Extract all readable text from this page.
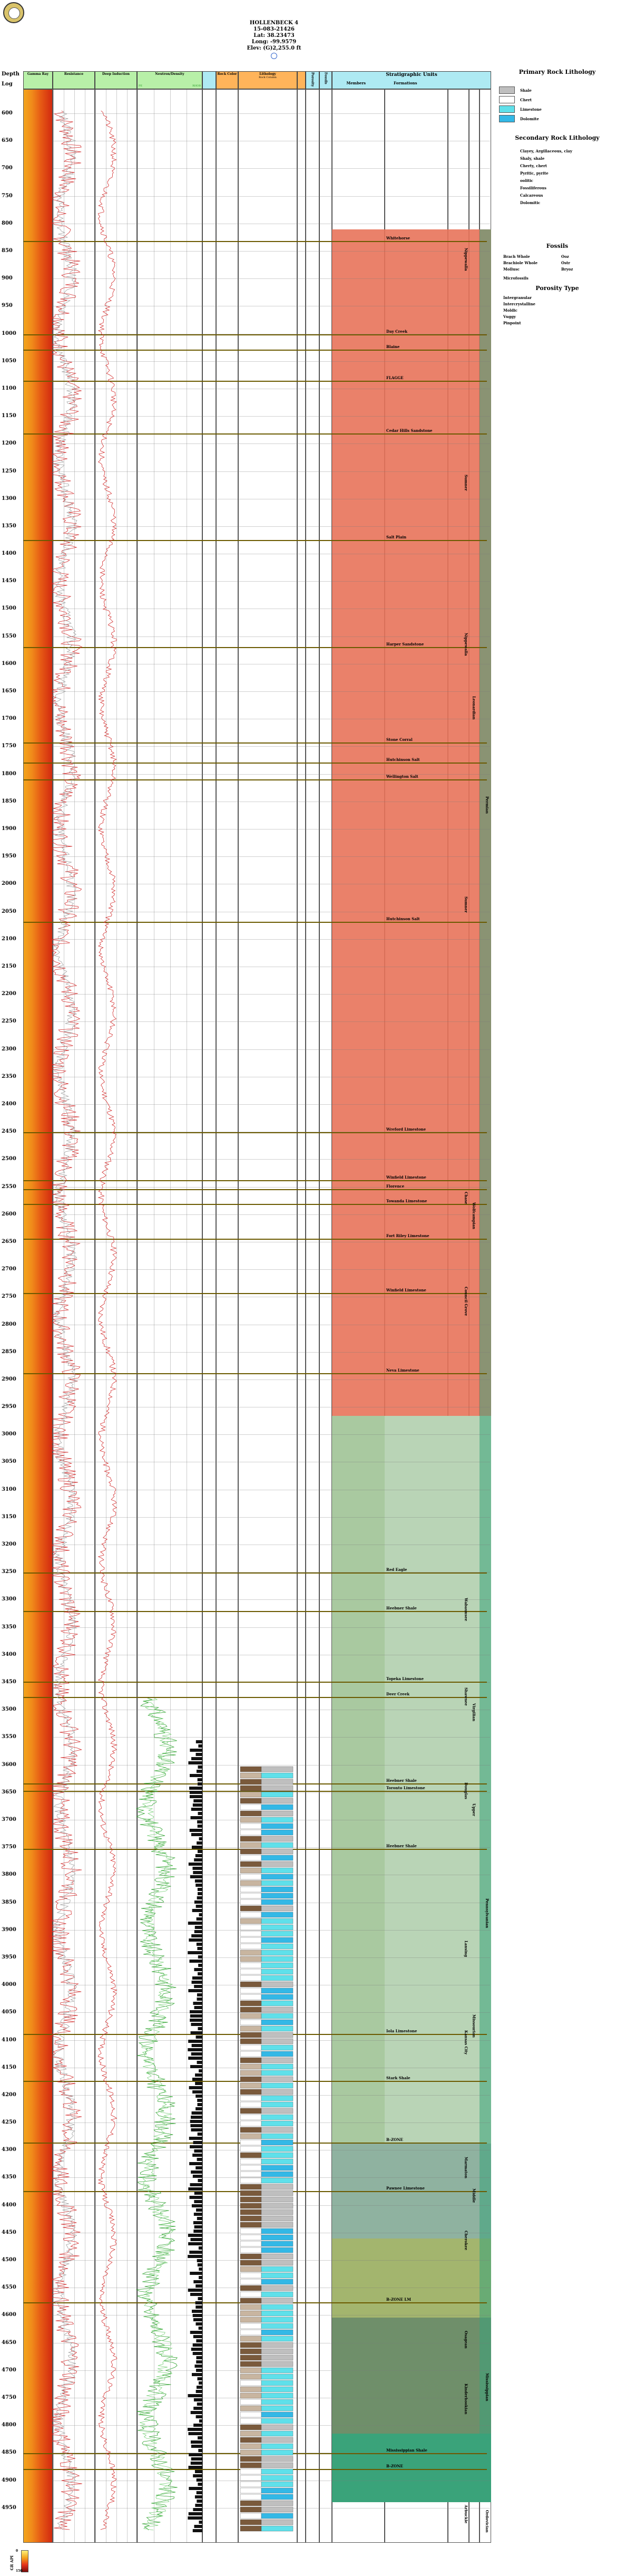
HOLLENBECK 4
15-083-21426
Lat: 38.23473
Long: -99.9579
Elev: (G)2,255.0 ft
Depth
Log
Gamma Ray	Resistance	Deep Induction	Neutron/Density
PE	RHOB
Rock Color	Lithology
Rock Column	Porosity	Fossils	Stratigraphic Units
Members	Formations
600
650
700
750
800
850
900
950
1000
1050
1100
1150
1200
1250
1300
1350
1400
1450
1500
1550
1600
1650
1700
1750
1800
1850
1900
1950
2000
2050
2100
2150
2200
2250
2300
2350
2400
2450
2500
2550
2600
2650
2700
2750
2800
2850
2900
2950
3000
3050
3100
3150
3200
3250
3300
3350
3400
3450
3500
3550
3600
3650
3700
3750
3800
3850
3900
3950
4000
4050
4100
4150
4200
4250
4300
4350
4400
4450
4500
4550
4600
4650
4700
4750
4800
4850
4900
4950
Whitehorse
Day Creek
Blaine
FLAGGE
Cedar Hills Sandstone
Salt Plain
Harper Sandstone
Stone Corral
Hutchinson Salt
Wellington Salt
Hutchinson Salt
Wreford Limestone
Winfield Limestone
Florence
Towanda Limestone
Fort Riley Limestone
Winfield Limestone
Neva Limestone
Red Eagle
Heebner Shale
Topeka Limestone
Deer Creek
Heebner Shale
Toronto Limestone
Heebner Shale
Iola Limestone
Stark Shale
B-ZONE
Pawnee Limestone
B-ZONE LM
Mississippian Shale
B-ZONE
Nippewalla
Sumner
Nippewalla
Leonardian
Permian
Sumner
Chase
Wolfcampian
Council Grove
Wabaunsee
Shawnee
Virgilian
Douglas
Upper
Pennsylvanian
Lansing
Kansas City
Missourian
Marmaton
Middle
Cherokee
Osagean
Mississippian
Kinderhookian
Ordovician
Arbuckle
Primary Rock Lithology
Shale
Chert
Limestone
Dolomite
Secondary Rock Lithology
Clayey, Argillaceous, clay
Shaly, shale
Cherty, chert
Pyritic, pyrite
oolitic
Fossiliferous
Calcareous
Dolomitic
Fossils
Brach Whole
Brachiole Whole
Mollusc
Ooz
Ostr
Bryoz
Microfossils
Porosity Type
Intergranular
Intercrystalline
Moldic
Vuggy
Pinpoint
GR API
0
150
